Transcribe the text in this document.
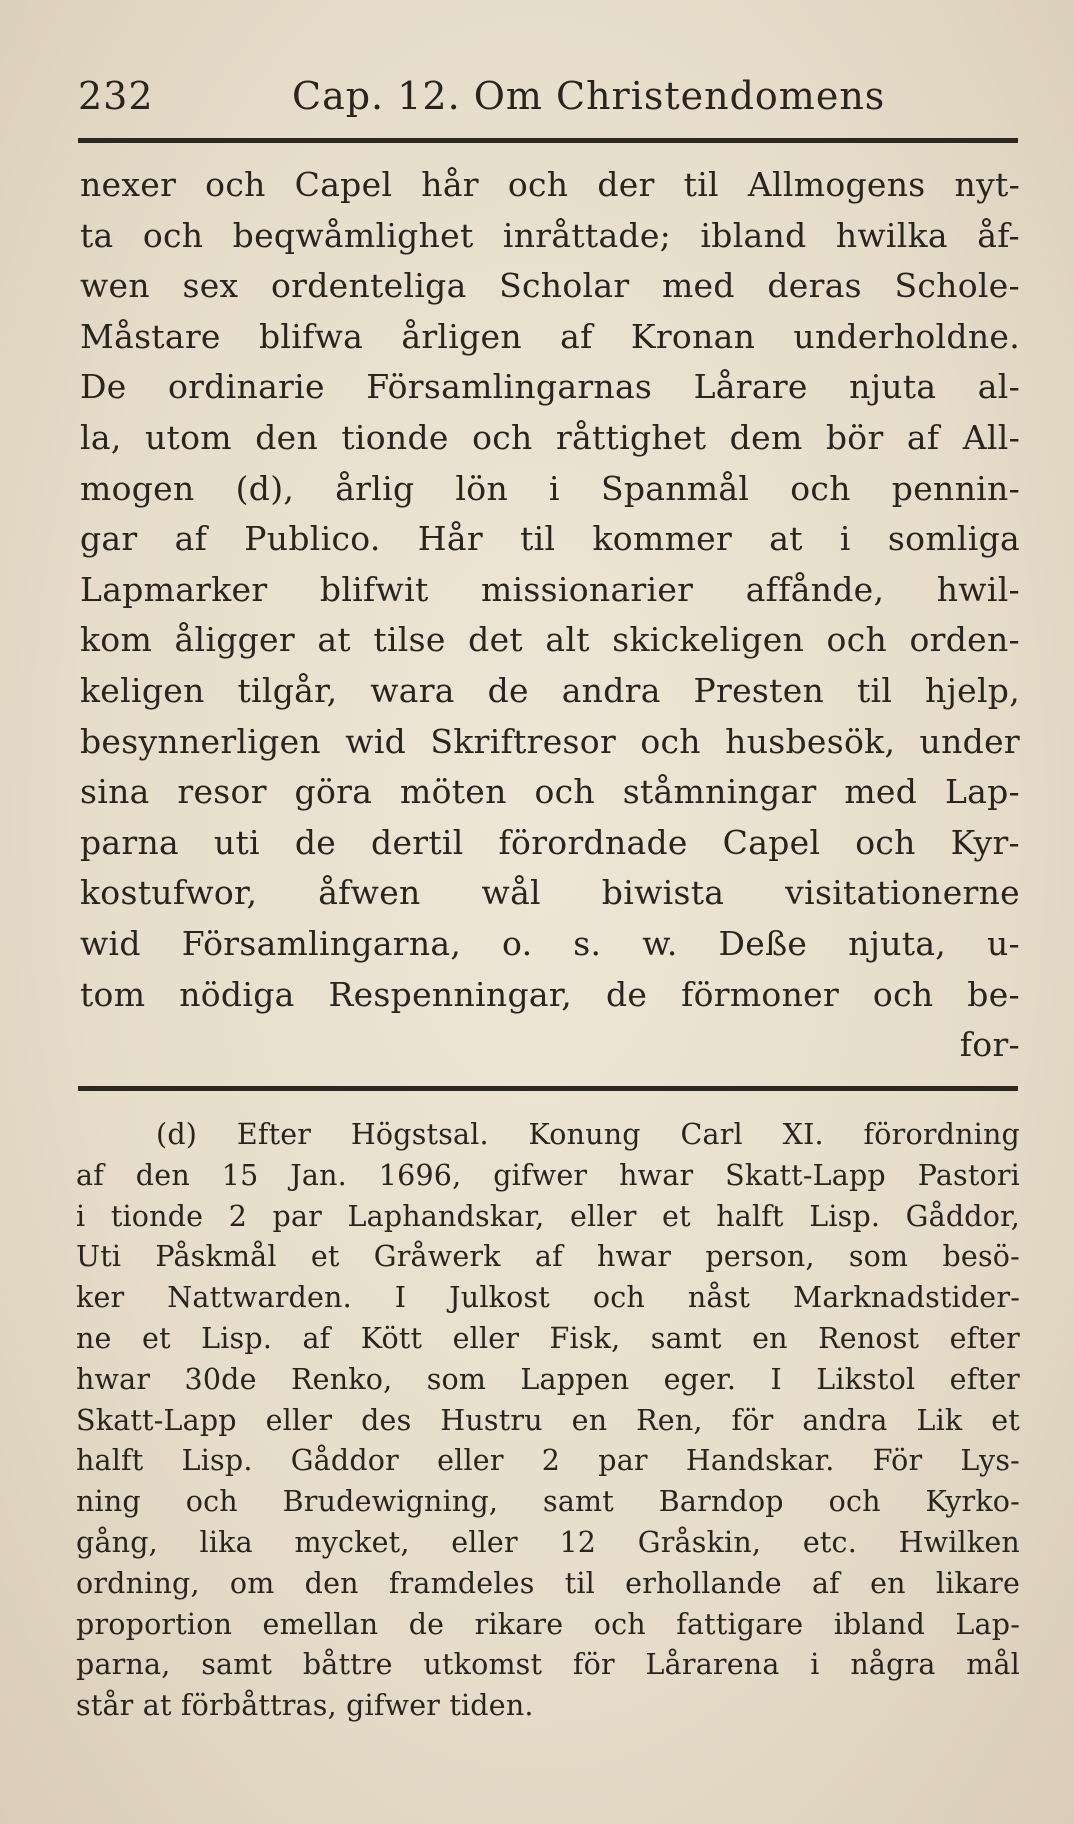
232	Cap. 12. Om Christendomens
nexer och Capel hår och der til Allmogens nyt-
ta och beqwåmlighet inråttade; ibland hwilka åf-
wen sex ordenteliga Scholar med deras Schole-
Måstare blifwa årligen af Kronan underholdne.
De ordinarie Församlingarnas Lårare njuta al-
la, utom den tionde och råttighet dem bör af All-
mogen (d), årlig lön i Spanmål och pennin-
gar af Publico. Hår til kommer at i somliga
Lapmarker blifwit missionarier affånde, hwil-
kom åligger at tilse det alt skickeligen och orden-
keligen tilgår, wara de andra Presten til hjelp,
besynnerligen wid Skriftresor och husbesök, under
sina resor göra möten och ståmningar med Lap-
parna uti de dertil förordnade Capel och Kyr-
kostufwor, åfwen wål biwista visitationerne
wid Församlingarna, o. s. w. Deße njuta, u-
tom nödiga Respenningar, de förmoner och be-
for-
(d) Efter Högstsal. Konung Carl XI. förordning
af den 15 Jan. 1696, gifwer hwar Skatt-Lapp Pastori
i tionde 2 par Laphandskar, eller et halft Lisp. Gåddor,
Uti Påskmål et Gråwerk af hwar person, som besö-
ker Nattwarden. I Julkost och nåst Marknadstider-
ne et Lisp. af Kött eller Fisk, samt en Renost efter
hwar 30de Renko, som Lappen eger. I Likstol efter
Skatt-Lapp eller des Hustru en Ren, för andra Lik et
halft Lisp. Gåddor eller 2 par Handskar. För Lys-
ning och Brudewigning, samt Barndop och Kyrko-
gång, lika mycket, eller 12 Gråskin, etc. Hwilken
ordning, om den framdeles til erhollande af en likare
proportion emellan de rikare och fattigare ibland Lap-
parna, samt båttre utkomst för Lårarena i några mål
står at förbåttras, gifwer tiden.
